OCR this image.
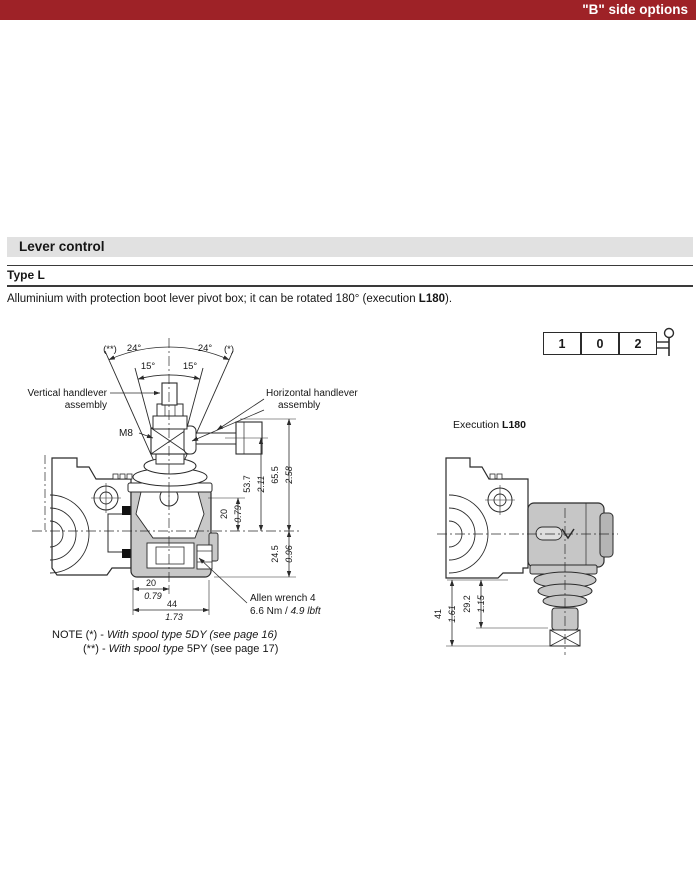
"B" side options
Lever control
Type L

Alluminium with protection boot lever pivot box; it can be rotated 180° (execution L180).

1	0	2
(**) 24°	24° (*)
15°	15°
Vertical handlever
assembly
Horizontal handlever
assembly
M8
20 0.79
53.7 2.11
65.5 2.58
24.5 0.96
20
0.79
44
1.73
Allen wrench 4
6.6 Nm / 4.9 lbft
Execution L180
41 1.61
29.2 1.15
NOTE (*) - With spool type 5DY (see page 16)
(**) - With spool type 5PY (see page 17)
